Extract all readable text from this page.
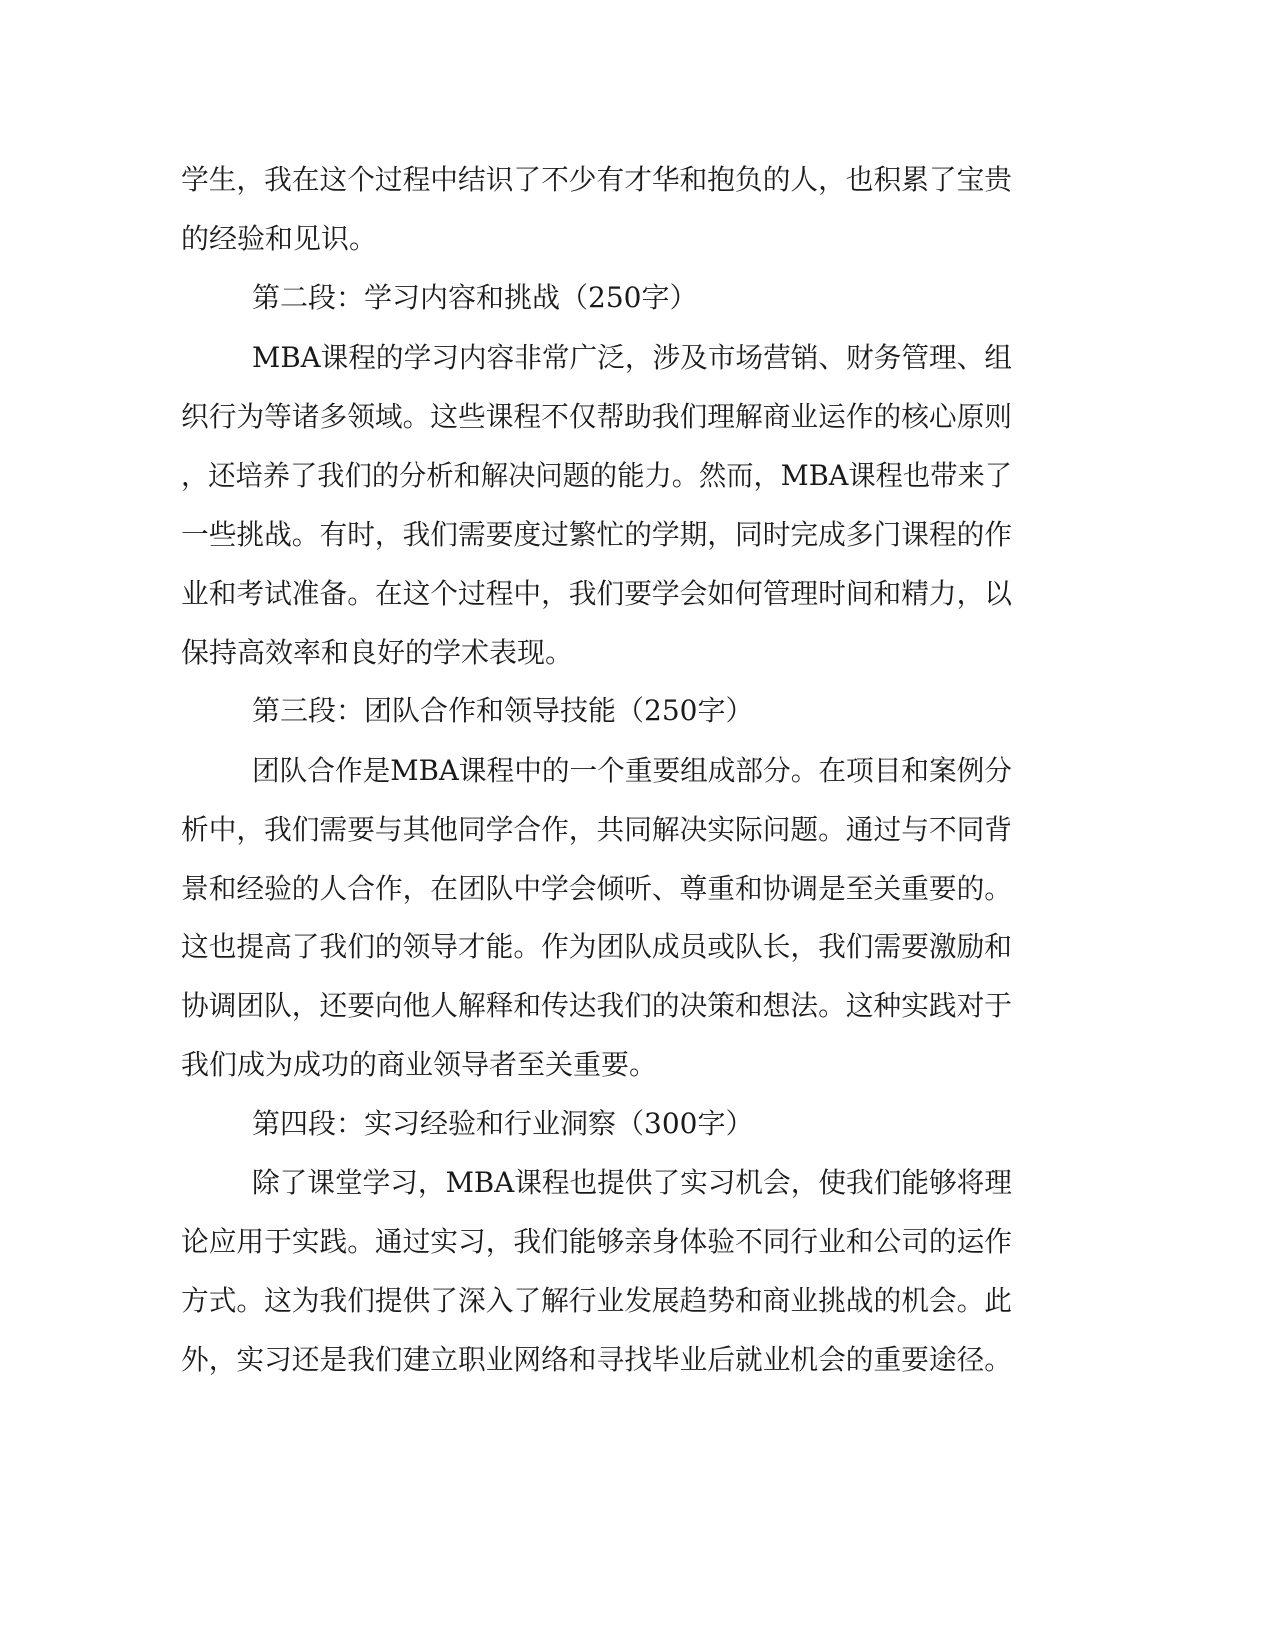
学生，我在这个过程中结识了不少有才华和抱负的人，也积累了宝贵
的经验和见识。
第二段：学习内容和挑战（250字）
MBA课程的学习内容非常广泛，涉及市场营销、财务管理、组
织行为等诸多领域。这些课程不仅帮助我们理解商业运作的核心原则
，还培养了我们的分析和解决问题的能力。然而，MBA课程也带来了
一些挑战。有时，我们需要度过繁忙的学期，同时完成多门课程的作
业和考试准备。在这个过程中，我们要学会如何管理时间和精力，以
保持高效率和良好的学术表现。
第三段：团队合作和领导技能（250字）
团队合作是MBA课程中的一个重要组成部分。在项目和案例分
析中，我们需要与其他同学合作，共同解决实际问题。通过与不同背
景和经验的人合作，在团队中学会倾听、尊重和协调是至关重要的。
这也提高了我们的领导才能。作为团队成员或队长，我们需要激励和
协调团队，还要向他人解释和传达我们的决策和想法。这种实践对于
我们成为成功的商业领导者至关重要。
第四段：实习经验和行业洞察（300字）
除了课堂学习，MBA课程也提供了实习机会，使我们能够将理
论应用于实践。通过实习，我们能够亲身体验不同行业和公司的运作
方式。这为我们提供了深入了解行业发展趋势和商业挑战的机会。此
外，实习还是我们建立职业网络和寻找毕业后就业机会的重要途径。
